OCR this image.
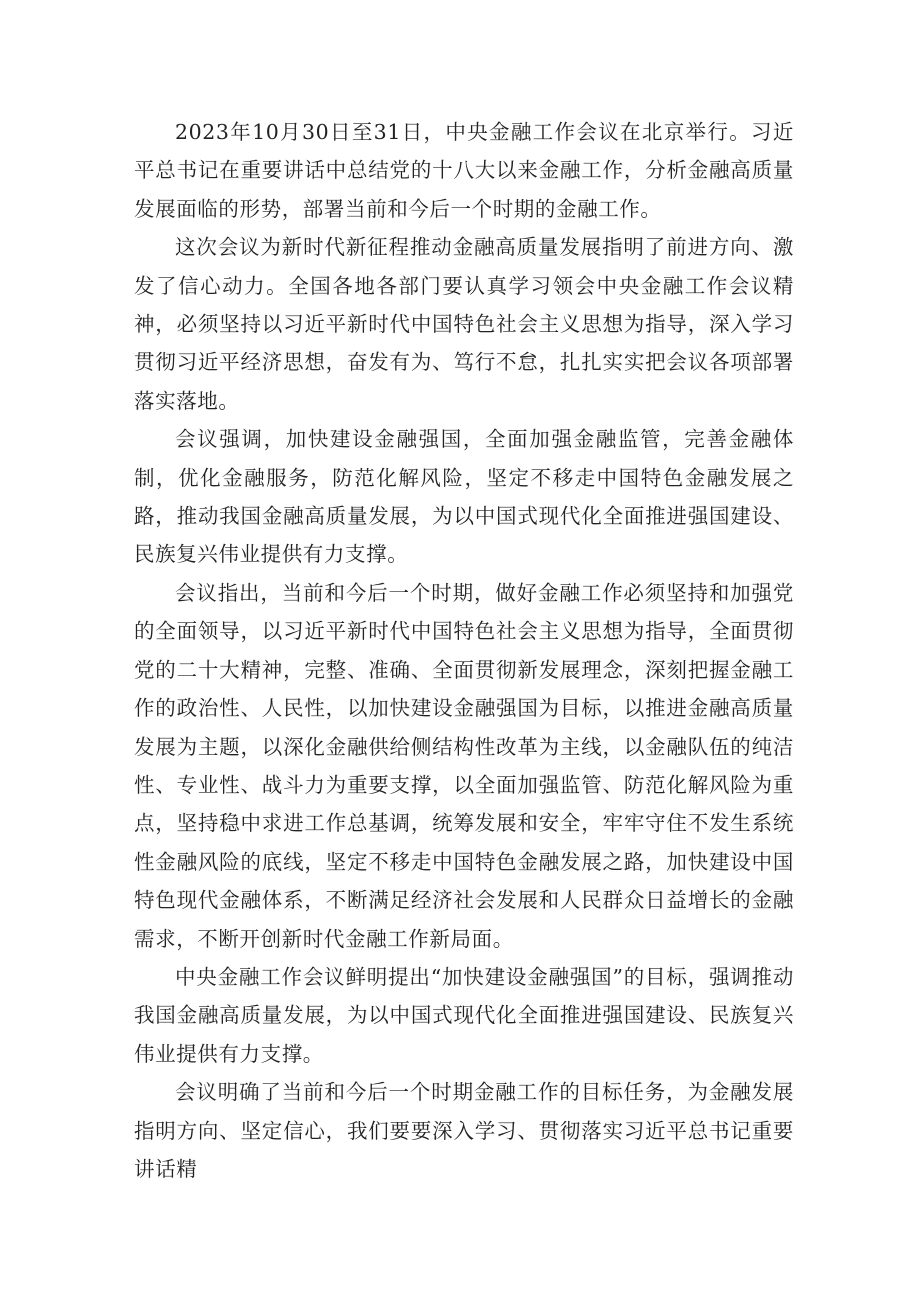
2023年10月30日至31日，中央金融工作会议在北京举行。习近平总书记在重要讲话中总结党的十八大以来金融工作，分析金融高质量发展面临的形势，部署当前和今后一个时期的金融工作。

这次会议为新时代新征程推动金融高质量发展指明了前进方向、激发了信心动力。全国各地各部门要认真学习领会中央金融工作会议精神，必须坚持以习近平新时代中国特色社会主义思想为指导，深入学习贯彻习近平经济思想，奋发有为、笃行不怠，扎扎实实把会议各项部署落实落地。

会议强调，加快建设金融强国，全面加强金融监管，完善金融体制，优化金融服务，防范化解风险，坚定不移走中国特色金融发展之路，推动我国金融高质量发展，为以中国式现代化全面推进强国建设、民族复兴伟业提供有力支撑。

会议指出，当前和今后一个时期，做好金融工作必须坚持和加强党的全面领导，以习近平新时代中国特色社会主义思想为指导，全面贯彻党的二十大精神，完整、准确、全面贯彻新发展理念，深刻把握金融工作的政治性、人民性，以加快建设金融强国为目标，以推进金融高质量发展为主题，以深化金融供给侧结构性改革为主线，以金融队伍的纯洁性、专业性、战斗力为重要支撑，以全面加强监管、防范化解风险为重点，坚持稳中求进工作总基调，统筹发展和安全，牢牢守住不发生系统性金融风险的底线，坚定不移走中国特色金融发展之路，加快建设中国特色现代金融体系，不断满足经济社会发展和人民群众日益增长的金融需求，不断开创新时代金融工作新局面。

中央金融工作会议鲜明提出“加快建设金融强国”的目标，强调推动我国金融高质量发展，为以中国式现代化全面推进强国建设、民族复兴伟业提供有力支撑。

会议明确了当前和今后一个时期金融工作的目标任务，为金融发展指明方向、坚定信心，我们要要深入学习、贯彻落实习近平总书记重要讲话精
